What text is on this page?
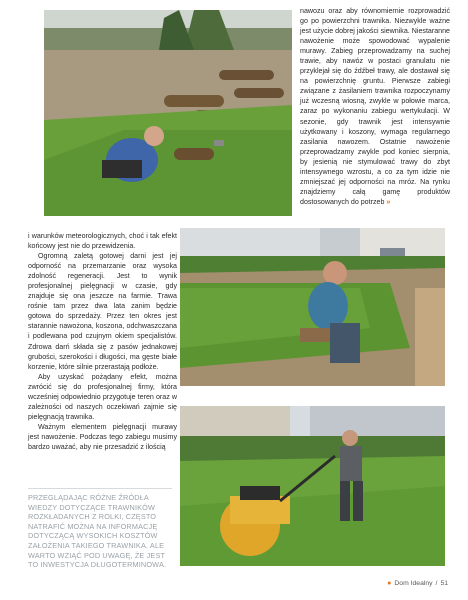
nawozu oraz aby równomiernie rozprowadzić go po powierzchni trawnika. Niezwykle ważne jest użycie dobrej jakości siewnika. Niestaranne nawożenie może spowodować wypalenie murawy. Zabieg przeprowadzamy na suchej trawie, aby nawóz w postaci granulatu nie przyklejał się do źdźbeł trawy, ale dostawał się na powierzchnię gruntu. Pierwsze zabiegi związane z żasilaniem trawnika rozpoczynamy już wczesną wiosną, zwykle w połowie marca, zaraz po wykonaniu zabiegu wertykulacji. W sezonie, gdy trawnik jest intensywnie użytkowany i koszony, wymaga regularnego zasilania nawozem. Ostatnie nawożenie przeprowadzamy zwykle pod koniec sierpnia, by jesienią nie stymulować trawy do zbyt intensywnego wzrostu, a co za tym idzie nie zmniejszać jej odporności na mróz. Na rynku znajdziemy całą gamę produktów dostosowanych do potrzeb »

i warunków meteorologicznych, choć i tak efekt końcowy jest nie do przewidzenia.

Ogromną zaletą gotowej darni jest jej odporność na przemarzanie oraz wysoka zdolność regeneracji. Jest to wynik profesjonalnej pielęgnacji w czasie, gdy znajduje się ona jeszcze na farmie. Trawa rośnie tam przez dwa lata zanim będzie gotowa do sprzedaży. Przez ten okres jest starannie nawożona, koszona, odchwaszczana i podlewana pod czujnym okiem specjalistów. Zdrowa darń składa się z pasów jednakowej grubości, szerokości i długości, ma gęste białe korzenie, które silnie przerastają podłoże.

Aby uzyskać pożądany efekt, można zwrócić się do profesjonalnej firmy, która wcześniej odpowiednio przygotuje teren oraz w zależności od naszych oczekiwań zajmie się pielęgnacją trawnika.

Ważnym elementem pielęgnacji murawy jest nawożenie. Podczas tego zabiegu musimy bardzo uważać, aby nie przesadzić z ilością

PRZEGLĄDAJĄC RÓŻNE ŹRÓDŁA WIEDZY DOTYCZĄCE TRAWNIKÓW ROZKŁADANYCH Z ROLKI, CZĘSTO NATRAFIĆ MOŻNA NA INFORMACJĘ DOTYCZĄCĄ WYSOKICH KOSZTÓW ZAŁOŻENIA TAKIEGO TRAWNIKA. ALE WARTO WZIĄĆ POD UWAGĘ, ŻE JEST TO INWESTYCJA DŁUGOTERMINOWA.
● Dom Idealny / 51
